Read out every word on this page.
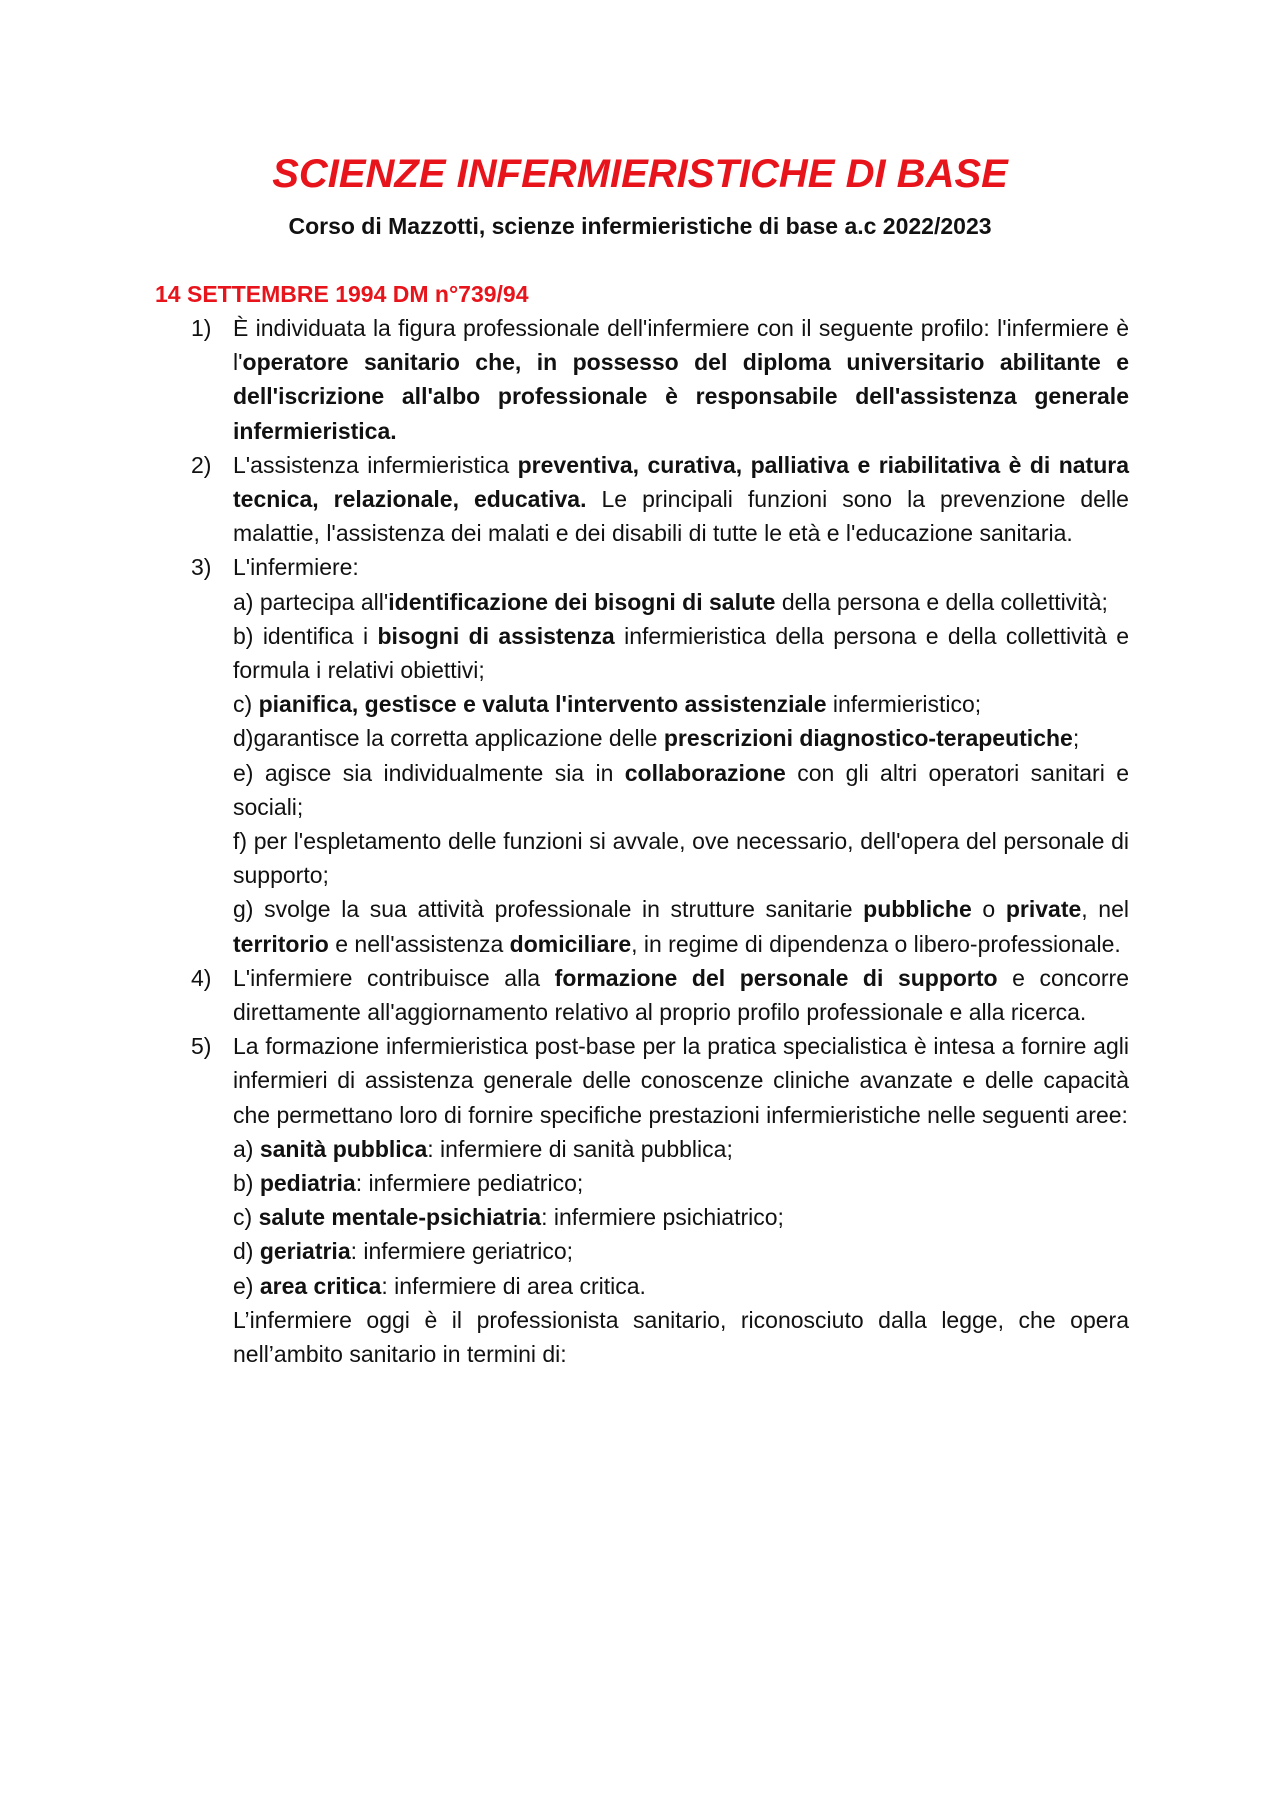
SCIENZE INFERMIERISTICHE DI BASE
Corso di Mazzotti, scienze infermieristiche di base a.c 2022/2023
14 SETTEMBRE 1994 DM n°739/94
1) È individuata la figura professionale dell'infermiere con il seguente profilo: l'infermiere è l'operatore sanitario che, in possesso del diploma universitario abilitante e dell'iscrizione all'albo professionale è responsabile dell'assistenza generale infermieristica.

2) L'assistenza infermieristica preventiva, curativa, palliativa e riabilitativa è di natura tecnica, relazionale, educativa. Le principali funzioni sono la prevenzione delle malattie, l'assistenza dei malati e dei disabili di tutte le età e l'educazione sanitaria.

3) L'infermiere:

a) partecipa all'identificazione dei bisogni di salute della persona e della collettività;

b) identifica i bisogni di assistenza infermieristica della persona e della collettività e formula i relativi obiettivi;

c) pianifica, gestisce e valuta l'intervento assistenziale infermieristico;

d)garantisce la corretta applicazione delle prescrizioni diagnostico-terapeutiche;

e) agisce sia individualmente sia in collaborazione con gli altri operatori sanitari e sociali;

f) per l'espletamento delle funzioni si avvale, ove necessario, dell'opera del personale di supporto;

g) svolge la sua attività professionale in strutture sanitarie pubbliche o private, nel territorio e nell'assistenza domiciliare, in regime di dipendenza o libero-professionale.

4) L'infermiere contribuisce alla formazione del personale di supporto e concorre direttamente all'aggiornamento relativo al proprio profilo professionale e alla ricerca.

5) La formazione infermieristica post-base per la pratica specialistica è intesa a fornire agli infermieri di assistenza generale delle conoscenze cliniche avanzate e delle capacità che permettano loro di fornire specifiche prestazioni infermieristiche nelle seguenti aree:

a) sanità pubblica: infermiere di sanità pubblica;

b) pediatria: infermiere pediatrico;

c) salute mentale-psichiatria: infermiere psichiatrico;

d) geriatria: infermiere geriatrico;

e) area critica: infermiere di area critica.

L’infermiere oggi è il professionista sanitario, riconosciuto dalla legge, che opera nell’ambito sanitario in termini di:
